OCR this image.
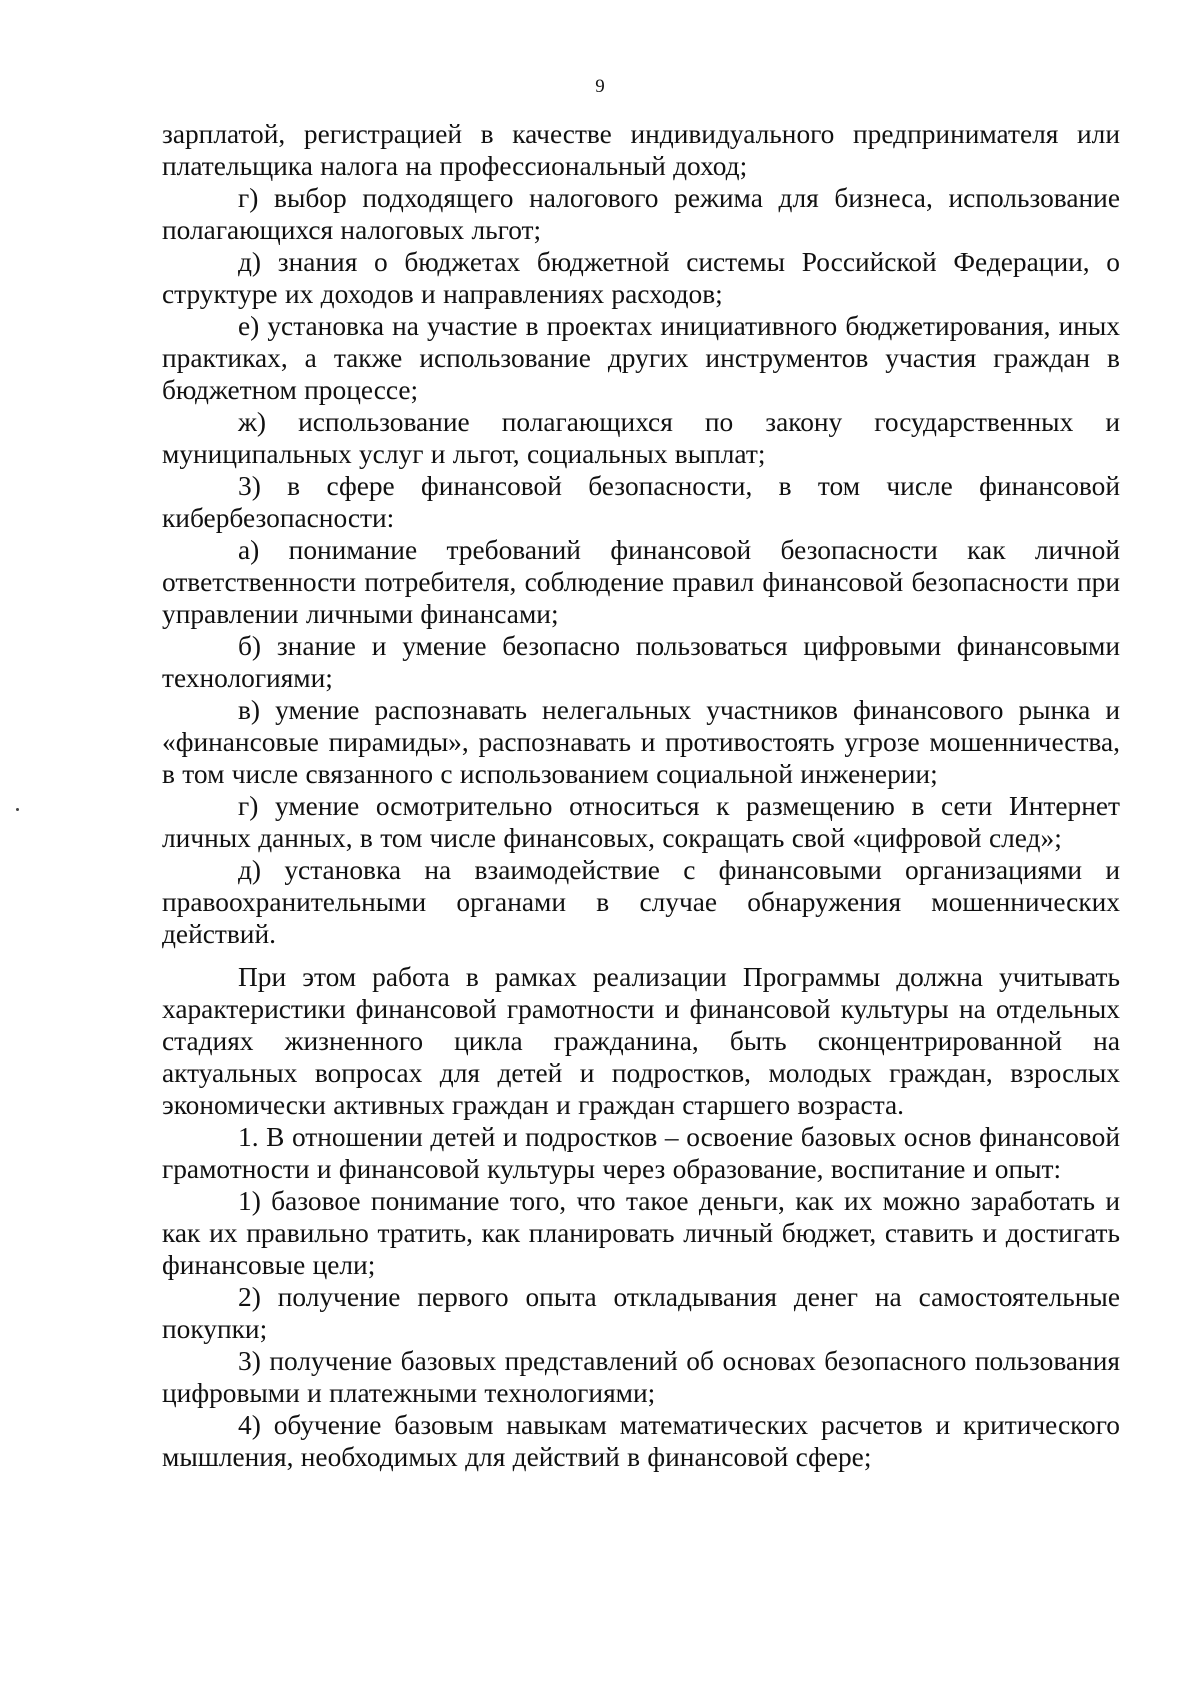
9

зарплатой, регистрацией в качестве индивидуального предпринимателя или плательщика налога на профессиональный доход;

г) выбор подходящего налогового режима для бизнеса, использование полагающихся налоговых льгот;

д) знания о бюджетах бюджетной системы Российской Федерации, о структуре их доходов и направлениях расходов;

е) установка на участие в проектах инициативного бюджетирования, иных практиках, а также использование других инструментов участия граждан в бюджетном процессе;

ж) использование полагающихся по закону государственных и муниципальных услуг и льгот, социальных выплат;

3) в сфере финансовой безопасности, в том числе финансовой кибербезопасности:

а) понимание требований финансовой безопасности как личной ответственности потребителя, соблюдение правил финансовой безопасности при управлении личными финансами;

б) знание и умение безопасно пользоваться цифровыми финансовыми технологиями;

в) умение распознавать нелегальных участников финансового рынка и «финансовые пирамиды», распознавать и противостоять угрозе мошенничества, в том числе связанного с использованием социальной инженерии;

г) умение осмотрительно относиться к размещению в сети Интернет личных данных, в том числе финансовых, сокращать свой «цифровой след»;

д) установка на взаимодействие с финансовыми организациями и правоохранительными органами в случае обнаружения мошеннических действий.

При этом работа в рамках реализации Программы должна учитывать характеристики финансовой грамотности и финансовой культуры на отдельных стадиях жизненного цикла гражданина, быть сконцентрированной на актуальных вопросах для детей и подростков, молодых граждан, взрослых экономически активных граждан и граждан старшего возраста.

1. В отношении детей и подростков – освоение базовых основ финансовой грамотности и финансовой культуры через образование, воспитание и опыт:

1) базовое понимание того, что такое деньги, как их можно заработать и как их правильно тратить, как планировать личный бюджет, ставить и достигать финансовые цели;

2) получение первого опыта откладывания денег на самостоятельные покупки;

3) получение базовых представлений об основах безопасного пользования цифровыми и платежными технологиями;

4) обучение базовым навыкам математических расчетов и критического мышления, необходимых для действий в финансовой сфере;
